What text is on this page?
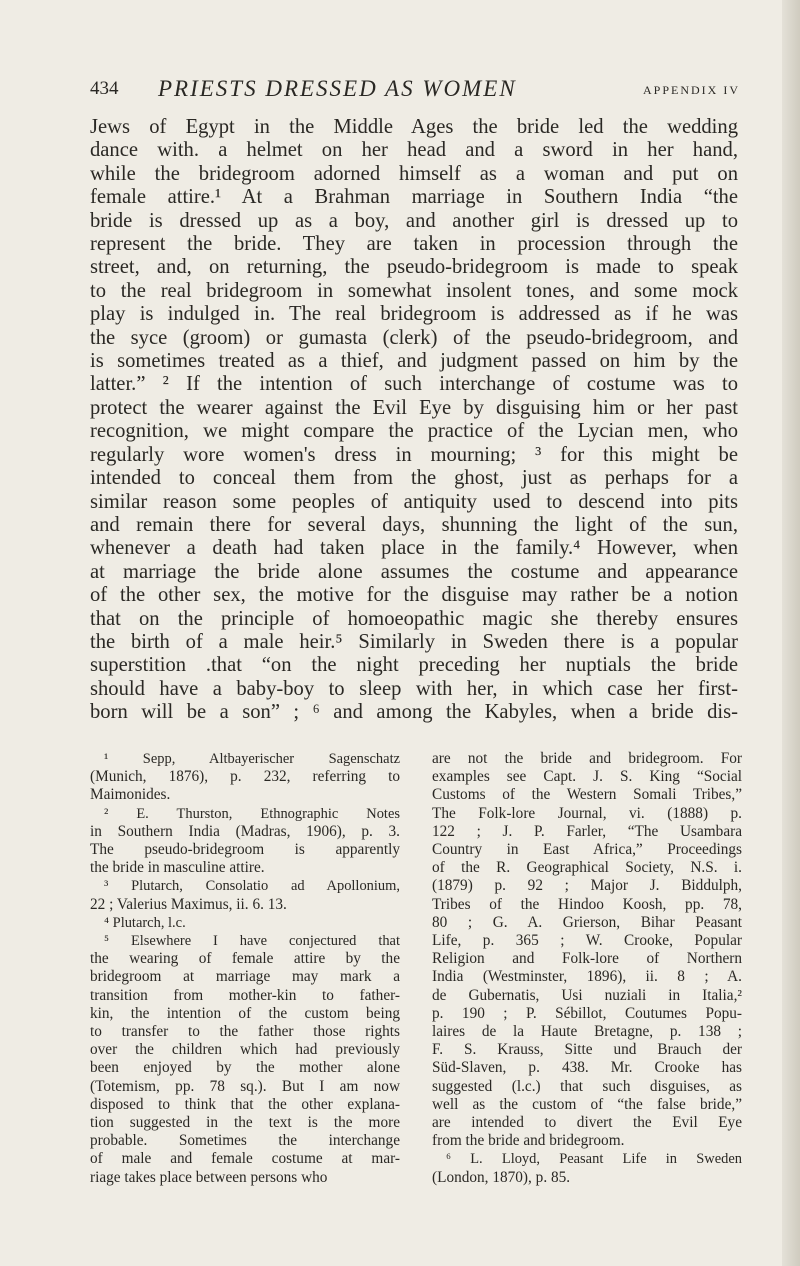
434 PRIESTS DRESSED AS WOMEN	APPENDIX IV
Jews of Egypt in the Middle Ages the bride led the wedding
dance with. a helmet on her head and a sword in her hand,
while the bridegroom adorned himself as a woman and put on
female attire.¹ At a Brahman marriage in Southern India “the
bride is dressed up as a boy, and another girl is dressed up to
represent the bride. They are taken in procession through the
street, and, on returning, the pseudo-bridegroom is made to speak
to the real bridegroom in somewhat insolent tones, and some mock
play is indulged in. The real bridegroom is addressed as if he was
the syce (groom) or gumasta (clerk) of the pseudo-bridegroom, and
is sometimes treated as a thief, and judgment passed on him by the
latter.” ² If the intention of such interchange of costume was to
protect the wearer against the Evil Eye by disguising him or her past
recognition, we might compare the practice of the Lycian men, who
regularly wore women's dress in mourning; ³ for this might be
intended to conceal them from the ghost, just as perhaps for a
similar reason some peoples of antiquity used to descend into pits
and remain there for several days, shunning the light of the sun,
whenever a death had taken place in the family.⁴ However, when
at marriage the bride alone assumes the costume and appearance
of the other sex, the motive for the disguise may rather be a notion
that on the principle of homoeopathic magic she thereby ensures
the birth of a male heir.⁵ Similarly in Sweden there is a popular
superstition .that “on the night preceding her nuptials the bride
should have a baby-boy to sleep with her, in which case her first-
born will be a son” ; ⁶ and among the Kabyles, when a bride dis-
¹ Sepp, Altbayerischer Sagenschatz
(Munich, 1876), p. 232, referring to
Maimonides.
² E. Thurston, Ethnographic Notes
in Southern India (Madras, 1906), p. 3.
The pseudo-bridegroom is apparently
the bride in masculine attire.
³ Plutarch, Consolatio ad Apollonium,
22 ; Valerius Maximus, ii. 6. 13.
⁴ Plutarch, l.c.
⁵ Elsewhere I have conjectured that
the wearing of female attire by the
bridegroom at marriage may mark a
transition from mother-kin to father-
kin, the intention of the custom being
to transfer to the father those rights
over the children which had previously
been enjoyed by the mother alone
(Totemism, pp. 78 sq.). But I am now
disposed to think that the other explana-
tion suggested in the text is the more
probable. Sometimes the interchange
of male and female costume at mar-
riage takes place between persons who
are not the bride and bridegroom. For
examples see Capt. J. S. King “Social
Customs of the Western Somali Tribes,”
The Folk-lore Journal, vi. (1888) p.
122 ; J. P. Farler, “The Usambara
Country in East Africa,” Proceedings
of the R. Geographical Society, N.S. i.
(1879) p. 92 ; Major J. Biddulph,
Tribes of the Hindoo Koosh, pp. 78,
80 ; G. A. Grierson, Bihar Peasant
Life, p. 365 ; W. Crooke, Popular
Religion and Folk-lore of Northern
India (Westminster, 1896), ii. 8 ; A.
de Gubernatis, Usi nuziali in Italia,²
p. 190 ; P. Sébillot, Coutumes Popu-
laires de la Haute Bretagne, p. 138 ;
F. S. Krauss, Sitte und Brauch der
Süd-Slaven, p. 438. Mr. Crooke has
suggested (l.c.) that such disguises, as
well as the custom of “the false bride,”
are intended to divert the Evil Eye
from the bride and bridegroom.
⁶ L. Lloyd, Peasant Life in Sweden
(London, 1870), p. 85.
